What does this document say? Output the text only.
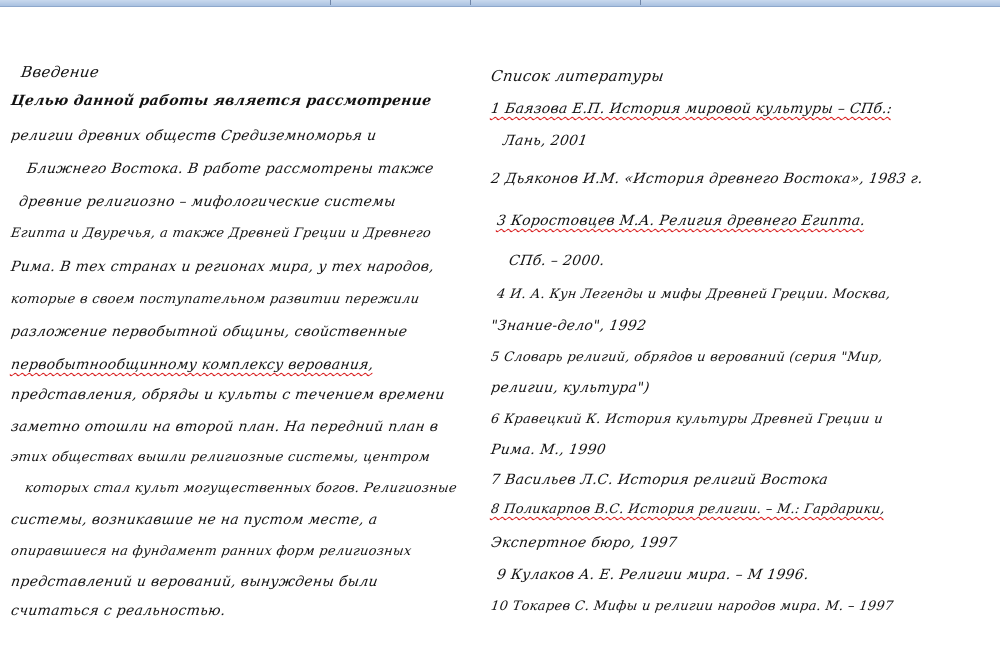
Введение
Целью данной работы является рассмотрение
религии древних обществ Средиземноморья и
Ближнего Востока. В работе рассмотрены также
древние религиозно – мифологические системы
Египта и Двуречья, а также Древней Греции и Древнего
Рима. В тех странах и регионах мира, у тех народов,
которые в своем поступательном развитии пережили
разложение первобытной общины, свойственные
первобытнообщинному комплексу верования,
представления, обряды и культы с течением времени
заметно отошли на второй план. На передний план в
этих обществах вышли религиозные системы, центром
которых стал культ могущественных богов. Религиозные
системы, возникавшие не на пустом месте, а
опиравшиеся на фундамент ранних форм религиозных
представлений и верований, вынуждены были
считаться с реальностью.
Список литературы
1 Баязова Е.П. История мировой культуры – СПб.:
Лань, 2001
2 Дьяконов И.М. «История древнего Востока», 1983 г.
3 Коростовцев М.А. Религия древнего Египта.
СПб. – 2000.
4 И. А. Кун Легенды и мифы Древней Греции. Москва,
"Знание-дело", 1992
5 Словарь религий, обрядов и верований (серия "Мир,
религии, культура")
6 Кравецкий К. История культуры Древней Греции и
Рима. М., 1990
7 Васильев Л.С. История религий Востока
8 Поликарпов В.С. История религии. – М.: Гардарики,
Экспертное бюро, 1997
9 Кулаков А. Е. Религии мира. – М 1996.
10 Токарев С. Мифы и религии народов мира. М. – 1997
